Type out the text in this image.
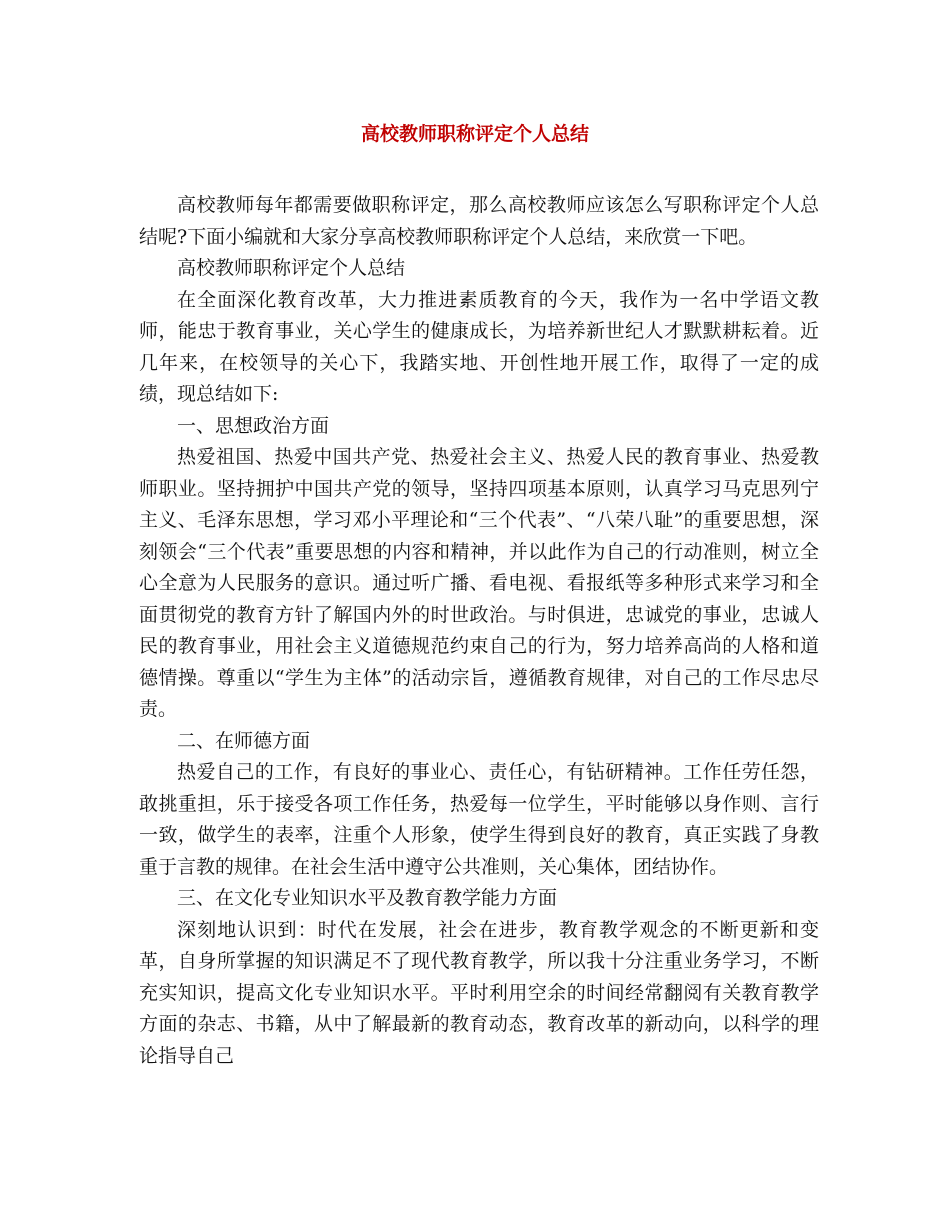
高校教师职称评定个人总结

高校教师每年都需要做职称评定，那么高校教师应该怎么写职称评定个人总结呢?下面小编就和大家分享高校教师职称评定个人总结，来欣赏一下吧。

高校教师职称评定个人总结

在全面深化教育改革，大力推进素质教育的今天，我作为一名中学语文教师，能忠于教育事业，关心学生的健康成长，为培养新世纪人才默默耕耘着。近几年来，在校领导的关心下，我踏实地、开创性地开展工作，取得了一定的成绩，现总结如下:

一、思想政治方面

热爱祖国、热爱中国共产党、热爱社会主义、热爱人民的教育事业、热爱教师职业。坚持拥护中国共产党的领导，坚持四项基本原则，认真学习马克思列宁主义、毛泽东思想，学习邓小平理论和“三个代表”、“八荣八耻”的重要思想，深刻领会“三个代表”重要思想的内容和精神，并以此作为自己的行动准则，树立全心全意为人民服务的意识。通过听广播、看电视、看报纸等多种形式来学习和全面贯彻党的教育方针了解国内外的时世政治。与时俱进，忠诚党的事业，忠诚人民的教育事业，用社会主义道德规范约束自己的行为，努力培养高尚的人格和道德情操。尊重以“学生为主体”的活动宗旨，遵循教育规律，对自己的工作尽忠尽责。

二、在师德方面

热爱自己的工作，有良好的事业心、责任心，有钻研精神。工作任劳任怨，敢挑重担，乐于接受各项工作任务，热爱每一位学生，平时能够以身作则、言行一致，做学生的表率，注重个人形象，使学生得到良好的教育，真正实践了身教重于言教的规律。在社会生活中遵守公共准则，关心集体，团结协作。

三、在文化专业知识水平及教育教学能力方面

深刻地认识到：时代在发展，社会在进步，教育教学观念的不断更新和变革，自身所掌握的知识满足不了现代教育教学，所以我十分注重业务学习，不断充实知识，提高文化专业知识水平。平时利用空余的时间经常翻阅有关教育教学方面的杂志、书籍，从中了解最新的教育动态，教育改革的新动向，以科学的理论指导自己
